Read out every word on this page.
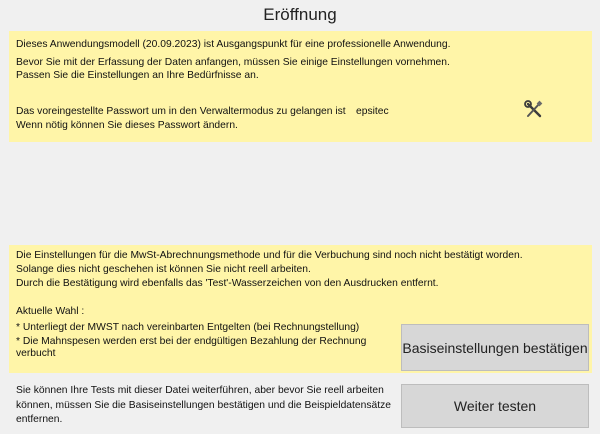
Eröffnung
Dieses Anwendungsmodell (20.09.2023) ist Ausgangspunkt für eine professionelle Anwendung.
Bevor Sie mit der Erfassung der Daten anfangen, müssen Sie einige Einstellungen vornehmen.
Passen Sie die Einstellungen an Ihre Bedürfnisse an.
Das voreingestellte Passwort um in den Verwaltermodus zu gelangen ist epsitec
Wenn nötig können Sie dieses Passwort ändern.
Die Einstellungen für die MwSt-Abrechnungsmethode und für die Verbuchung sind noch nicht bestätigt worden.
Solange dies nicht geschehen ist können Sie nicht reell arbeiten.
Durch die Bestätigung wird ebenfalls das 'Test'-Wasserzeichen von den Ausdrucken entfernt.
Aktuelle Wahl :
* Unterliegt der MWST nach vereinbarten Entgelten (bei Rechnungstellung)
* Die Mahnspesen werden erst bei der endgültigen Bezahlung der Rechnung
verbucht	Basiseinstellungen bestätigen
Sie können Ihre Tests mit dieser Datei weiterführen, aber bevor Sie reell arbeiten
können, müssen Sie die Basiseinstellungen bestätigen und die Beispieldatensätze
entfernen.
Weiter testen
